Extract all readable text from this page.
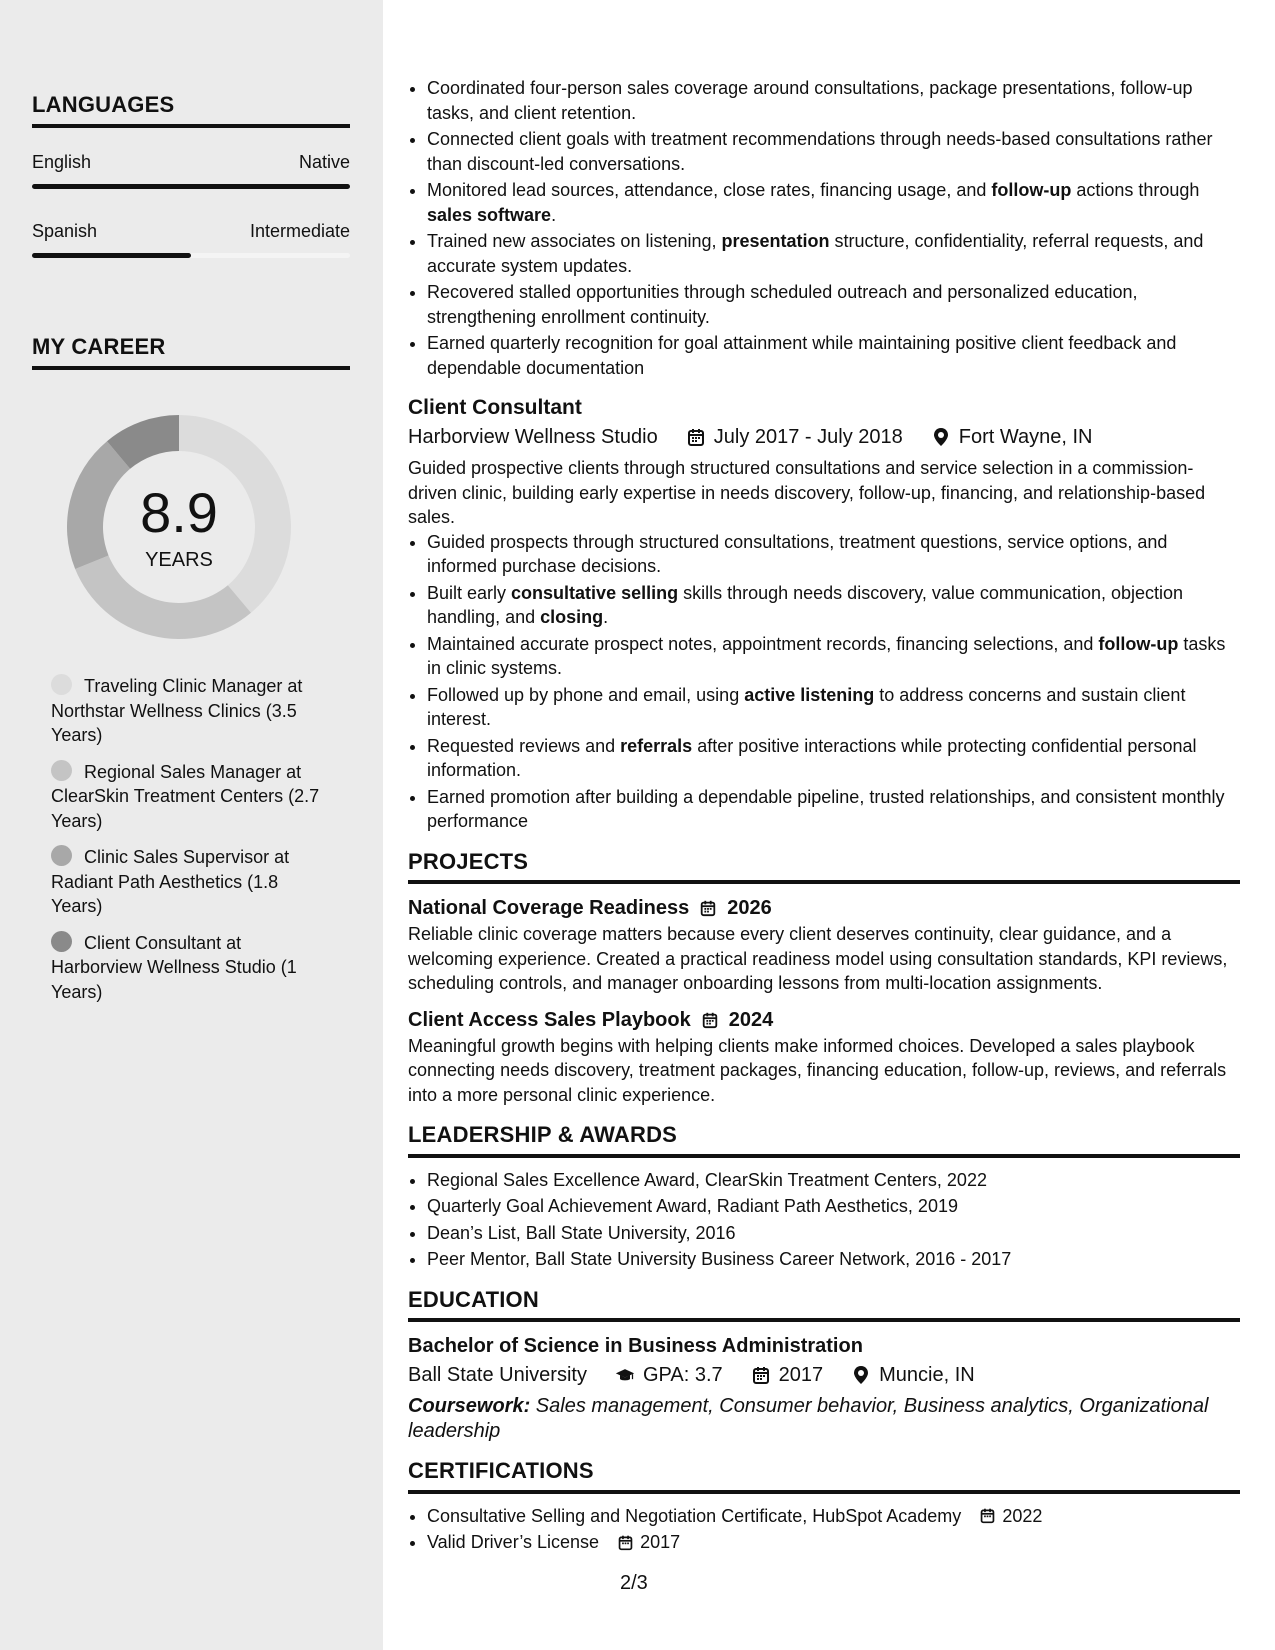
LANGUAGES
English	Native
Spanish	Intermediate
MY CAREER
8.9
YEARS
Traveling Clinic Manager at Northstar Wellness Clinics (3.5 Years)
Regional Sales Manager at ClearSkin Treatment Centers (2.7 Years)
Clinic Sales Supervisor at Radiant Path Aesthetics (1.8 Years)
Client Consultant at Harborview Wellness Studio (1 Years)
• Coordinated four-person sales coverage around consultations, package presentations, follow-up tasks, and client retention.
• Connected client goals with treatment recommendations through needs-based consultations rather than discount-led conversations.
• Monitored lead sources, attendance, close rates, financing usage, and follow-up actions through sales software.
• Trained new associates on listening, presentation structure, confidentiality, referral requests, and accurate system updates.
• Recovered stalled opportunities through scheduled outreach and personalized education, strengthening enrollment continuity.
• Earned quarterly recognition for goal attainment while maintaining positive client feedback and dependable documentation
Client Consultant
Harborview Wellness Studio	July 2017 - July 2018	Fort Wayne, IN
Guided prospective clients through structured consultations and service selection in a commission-driven clinic, building early expertise in needs discovery, follow-up, financing, and relationship-based sales.
• Guided prospects through structured consultations, treatment questions, service options, and informed purchase decisions.
• Built early consultative selling skills through needs discovery, value communication, objection handling, and closing.
• Maintained accurate prospect notes, appointment records, financing selections, and follow-up tasks in clinic systems.
• Followed up by phone and email, using active listening to address concerns and sustain client interest.
• Requested reviews and referrals after positive interactions while protecting confidential personal information.
• Earned promotion after building a dependable pipeline, trusted relationships, and consistent monthly performance
PROJECTS
National Coverage Readiness 2026
Reliable clinic coverage matters because every client deserves continuity, clear guidance, and a welcoming experience. Created a practical readiness model using consultation standards, KPI reviews, scheduling controls, and manager onboarding lessons from multi-location assignments.
Client Access Sales Playbook 2024
Meaningful growth begins with helping clients make informed choices. Developed a sales playbook connecting needs discovery, treatment packages, financing education, follow-up, reviews, and referrals into a more personal clinic experience.
LEADERSHIP & AWARDS
• Regional Sales Excellence Award, ClearSkin Treatment Centers, 2022
• Quarterly Goal Achievement Award, Radiant Path Aesthetics, 2019
• Dean’s List, Ball State University, 2016
• Peer Mentor, Ball State University Business Career Network, 2016 - 2017
EDUCATION
Bachelor of Science in Business Administration
Ball State University	GPA: 3.7	2017	Muncie, IN
Coursework: Sales management, Consumer behavior, Business analytics, Organizational leadership
CERTIFICATIONS
• Consultative Selling and Negotiation Certificate, HubSpot Academy 2022
• Valid Driver’s License 2017
2/3
